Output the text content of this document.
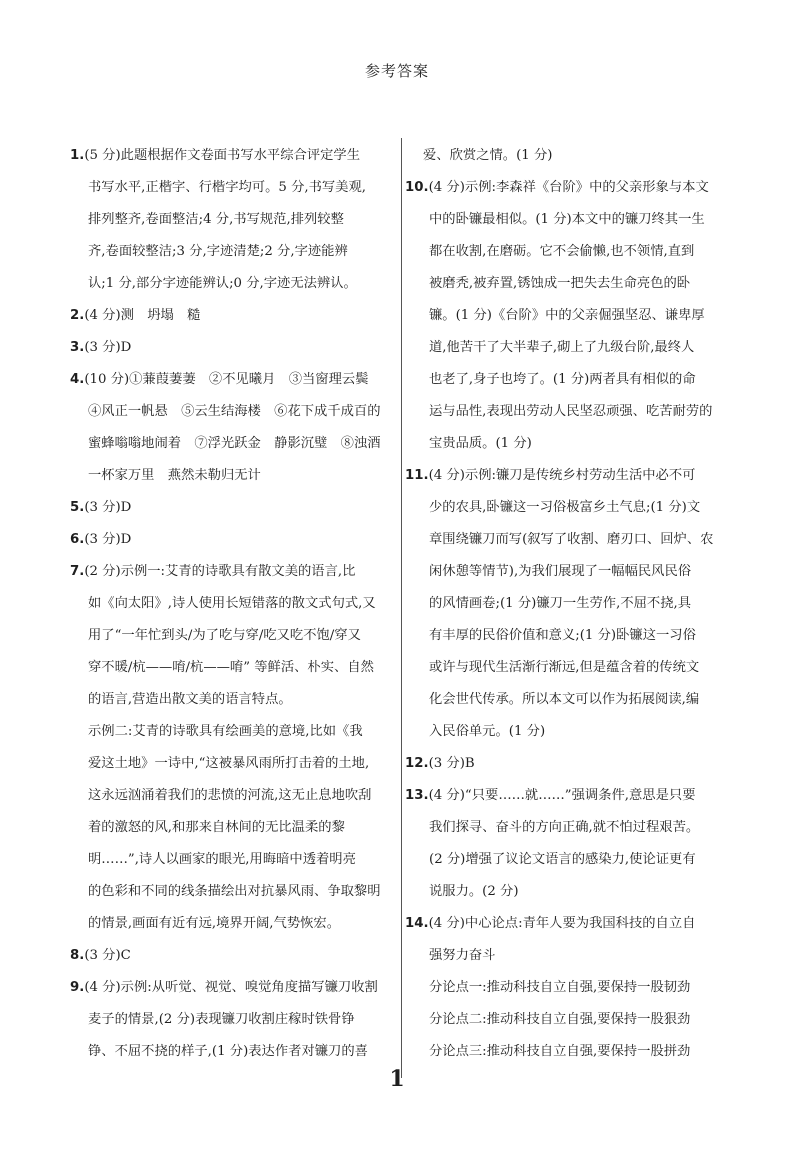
参考答案
1.(5 分)此题根据作文卷面书写水平综合评定学生
书写水平,正楷字、行楷字均可。5 分,书写美观,
排列整齐,卷面整洁;4 分,书写规范,排列较整
齐,卷面较整洁;3 分,字迹清楚;2 分,字迹能辨
认;1 分,部分字迹能辨认;0 分,字迹无法辨认。
2.(4 分)测　坍塌　糙
3.(3 分)D
4.(10 分)①蒹葭萋萋　②不见曦月　③当窗理云鬓
④风正一帆悬　⑤云生结海楼　⑥花下成千成百的
蜜蜂嗡嗡地闹着　⑦浮光跃金　静影沉璧　⑧浊酒
一杯家万里　燕然未勒归无计
5.(3 分)D
6.(3 分)D
7.(2 分)示例一:艾青的诗歌具有散文美的语言,比
如《向太阳》,诗人使用长短错落的散文式句式,又
用了“一年忙到头/为了吃与穿/吃又吃不饱/穿又
穿不暖/杭——唷/杭——唷” 等鲜活、朴实、自然
的语言,营造出散文美的语言特点。
示例二:艾青的诗歌具有绘画美的意境,比如《我
爱这土地》一诗中,“这被暴风雨所打击着的土地,
这永远汹涌着我们的悲愤的河流,这无止息地吹刮
着的激怒的风,和那来自林间的无比温柔的黎
明……”,诗人以画家的眼光,用晦暗中透着明亮
的色彩和不同的线条描绘出对抗暴风雨、争取黎明
的情景,画面有近有远,境界开阔,气势恢宏。
8.(3 分)C
9.(4 分)示例:从听觉、视觉、嗅觉角度描写镰刀收割
麦子的情景,(2 分)表现镰刀收割庄稼时铁骨铮
铮、不屈不挠的样子,(1 分)表达作者对镰刀的喜
爱、欣赏之情。(1 分)
10.(4 分)示例:李森祥《台阶》中的父亲形象与本文
中的卧镰最相似。(1 分)本文中的镰刀终其一生
都在收割,在磨砺。它不会偷懒,也不领情,直到
被磨秃,被弃置,锈蚀成一把失去生命亮色的卧
镰。(1 分)《台阶》中的父亲倔强坚忍、谦卑厚
道,他苦干了大半辈子,砌上了九级台阶,最终人
也老了,身子也垮了。(1 分)两者具有相似的命
运与品性,表现出劳动人民坚忍顽强、吃苦耐劳的
宝贵品质。(1 分)
11.(4 分)示例:镰刀是传统乡村劳动生活中必不可
少的农具,卧镰这一习俗极富乡土气息;(1 分)文
章围绕镰刀而写(叙写了收割、磨刃口、回炉、农
闲休憩等情节),为我们展现了一幅幅民风民俗
的风情画卷;(1 分)镰刀一生劳作,不屈不挠,具
有丰厚的民俗价值和意义;(1 分)卧镰这一习俗
或许与现代生活渐行渐远,但是蕴含着的传统文
化会世代传承。所以本文可以作为拓展阅读,编
入民俗单元。(1 分)
12.(3 分)B
13.(4 分)“只要……就……”强调条件,意思是只要
我们探寻、奋斗的方向正确,就不怕过程艰苦。
(2 分)增强了议论文语言的感染力,使论证更有
说服力。(2 分)
14.(4 分)中心论点:青年人要为我国科技的自立自
强努力奋斗
分论点一:推动科技自立自强,要保持一股韧劲
分论点二:推动科技自立自强,要保持一股狠劲
分论点三:推动科技自立自强,要保持一股拼劲
1
